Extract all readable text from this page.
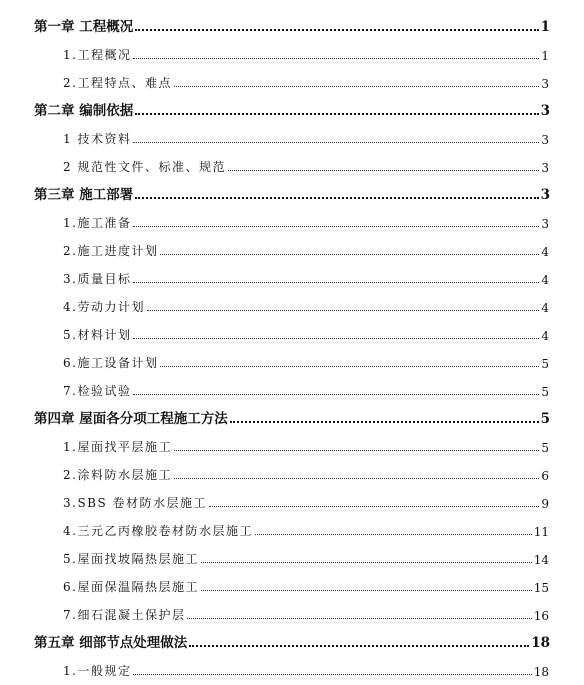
第一章 工程概况	1
1.工程概况	1
2.工程特点、难点	3
第二章 编制依据	3
1 技术资料	3
2 规范性文件、标准、规范	3
第三章 施工部署	3
1.施工准备	3
2.施工进度计划	4
3.质量目标	4
4.劳动力计划	4
5.材料计划	4
6.施工设备计划	5
7.检验试验	5
第四章 屋面各分项工程施工方法	5
1.屋面找平层施工	5
2.涂料防水层施工	6
3.SBS 卷材防水层施工	9
4.三元乙丙橡胶卷材防水层施工	11
5.屋面找坡隔热层施工	14
6.屋面保温隔热层施工	15
7.细石混凝土保护层	16
第五章 细部节点处理做法	18
1.一般规定	18
